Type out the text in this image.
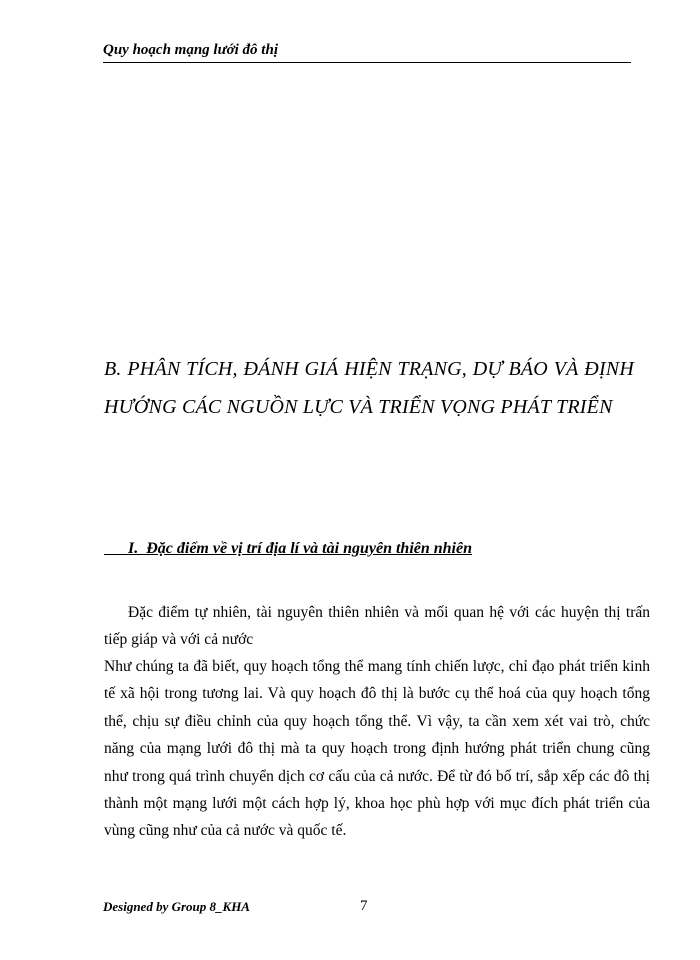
Quy hoạch mạng lưới đô thị
B. PHÂN TÍCH, ĐÁNH GIÁ HIỆN TRẠNG, DỰ BÁO VÀ ĐỊNH HƯỚNG CÁC NGUỒN LỰC VÀ TRIỂN VỌNG PHÁT TRIỂN
I.  Đặc điểm về vị trí địa lí và tài nguyên thiên nhiên

Đặc điểm tự nhiên, tài nguyên thiên nhiên và mối quan hệ với các huyện thị trấn tiếp giáp và với cả nước

Như chúng ta đã biết, quy hoạch tổng thể mang tính chiến lược, chỉ đạo phát triển kinh tế xã hội trong tương lai. Và quy hoạch đô thị là bước cụ thể hoá của quy hoạch tổng thể, chịu sự điều chỉnh của quy hoạch tổng thể. Vì vậy, ta cần xem xét vai trò, chức năng của mạng lưới đô thị mà ta quy hoạch trong định hướng phát triển chung cũng như trong quá trình chuyển dịch cơ cấu của cả nước. Để từ đó bố trí, sắp xếp các đô thị thành một mạng lưới một cách hợp lý, khoa học phù hợp với mục đích phát triển của vùng cũng như của cả nước và quốc tế.

Designed by Group 8_KHA	7
